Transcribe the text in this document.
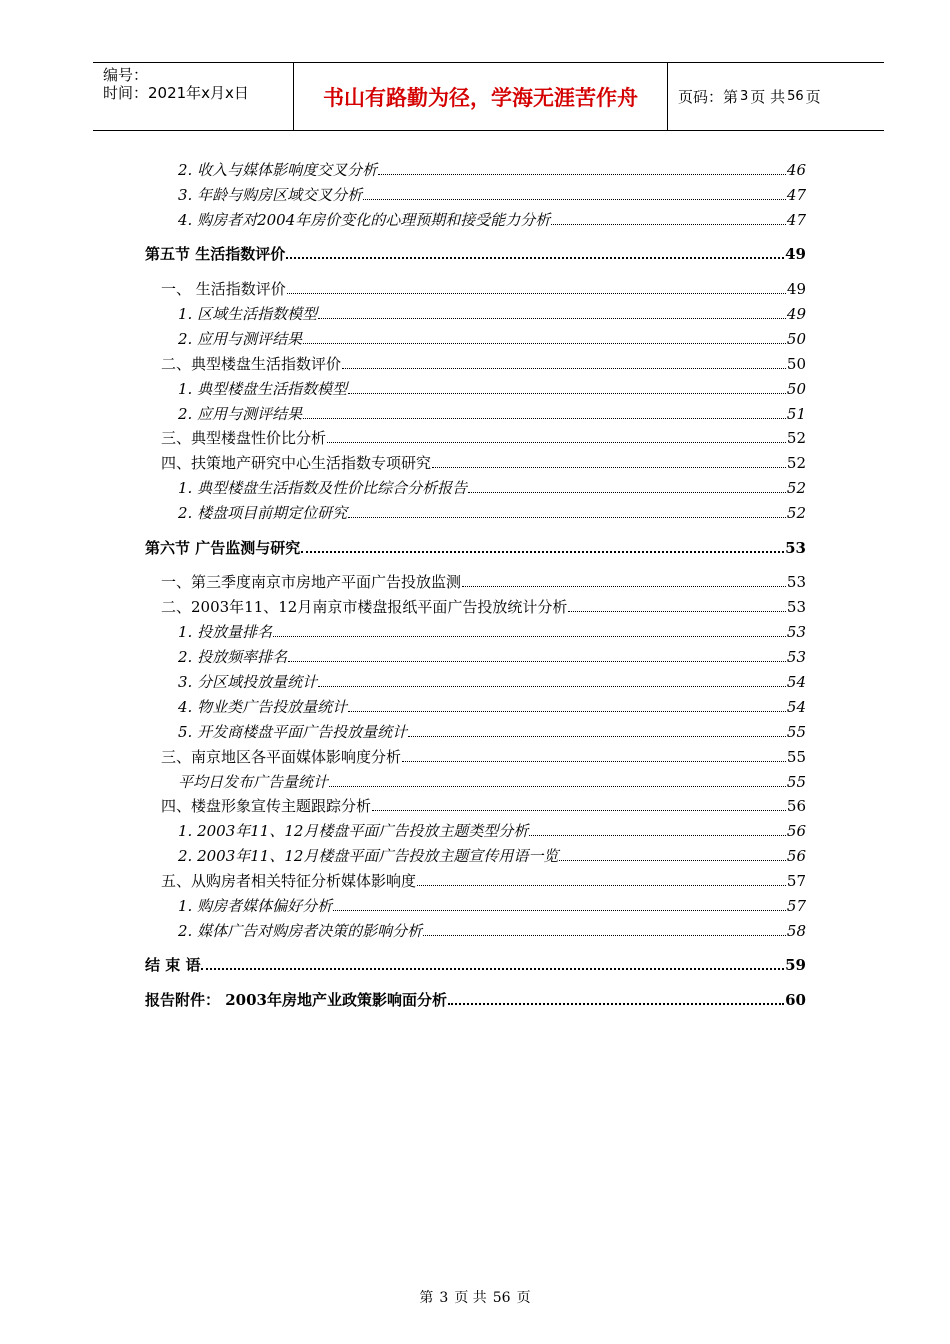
编号：
时间：2021年x月x日	书山有路勤为径，学海无涯苦作舟	页码：第 3 页 共 56 页
2. 收入与媒体影响度交叉分析	46
3. 年龄与购房区域交叉分析	47
4. 购房者对2004年房价变化的心理预期和接受能力分析	47
第五节 生活指数评价	49
一、 生活指数评价	49
1. 区域生活指数模型	49
2. 应用与测评结果	50
二、典型楼盘生活指数评价	50
1. 典型楼盘生活指数模型	50
2. 应用与测评结果	51
三、典型楼盘性价比分析	52
四、扶策地产研究中心生活指数专项研究	52
1. 典型楼盘生活指数及性价比综合分析报告	52
2. 楼盘项目前期定位研究	52
第六节 广告监测与研究	53
一、第三季度南京市房地产平面广告投放监测	53
二、2003年11、12月南京市楼盘报纸平面广告投放统计分析	53
1. 投放量排名	53
2. 投放频率排名	53
3. 分区域投放量统计	54
4. 物业类广告投放量统计	54
5. 开发商楼盘平面广告投放量统计	55
三、南京地区各平面媒体影响度分析	55
平均日发布广告量统计	55
四、楼盘形象宣传主题跟踪分析	56
1. 2003年11、12月楼盘平面广告投放主题类型分析	56
2. 2003年11、12月楼盘平面广告投放主题宣传用语一览	56
五、从购房者相关特征分析媒体影响度	57
1. 购房者媒体偏好分析	57
2. 媒体广告对购房者决策的影响分析	58
结 束 语	59
报告附件： 2003年房地产业政策影响面分析	60
第 3 页 共 56 页
